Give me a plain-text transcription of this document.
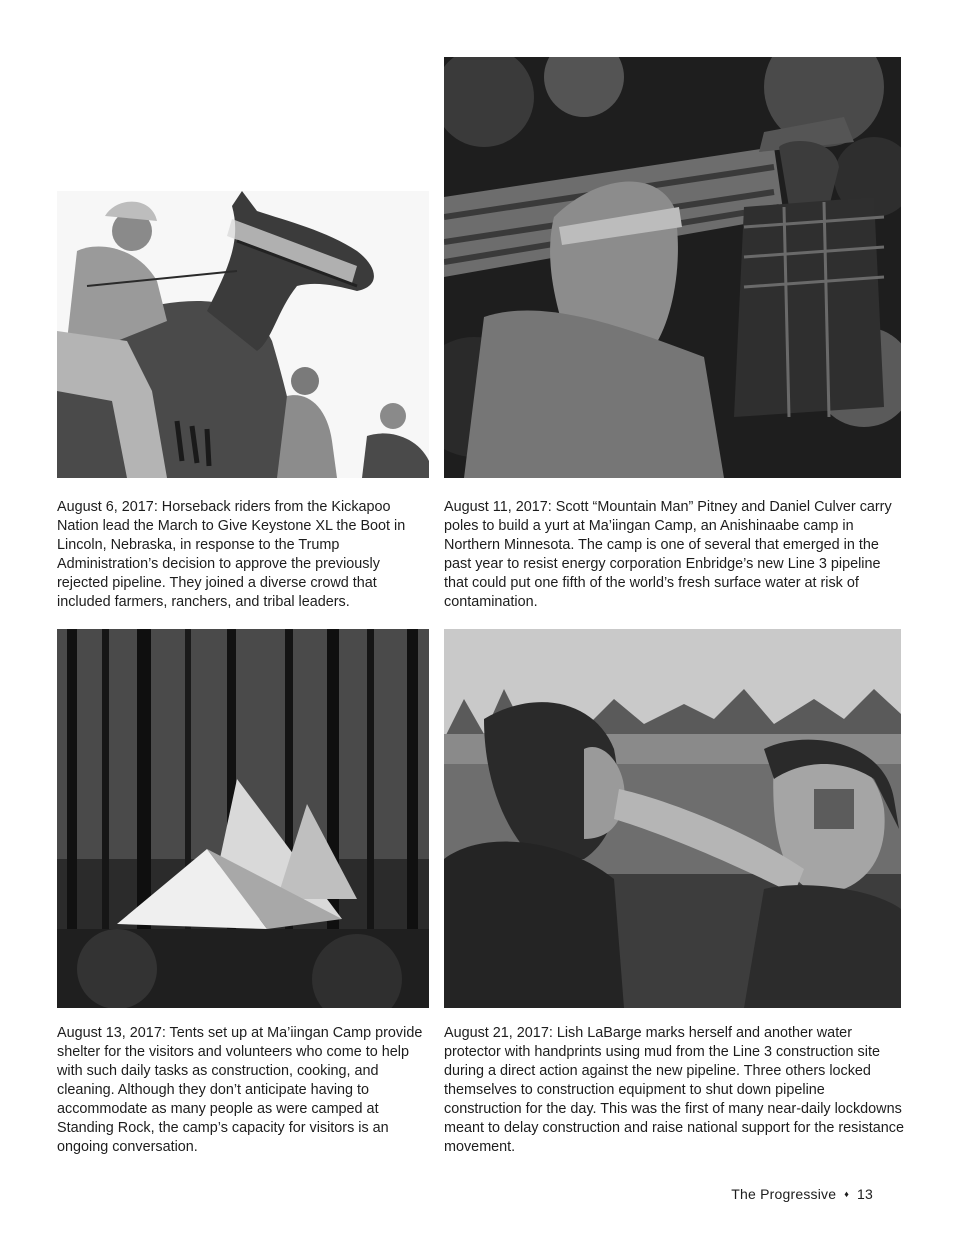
August 6, 2017: Horseback riders from the Kickapoo Nation lead the March to Give Keystone XL the Boot in Lincoln, Nebraska, in response to the Trump Administration’s decision to approve the previously rejected pipeline. They joined a diverse crowd that included farmers, ranchers, and tribal leaders.
August 11, 2017: Scott “Mountain Man” Pitney and Daniel Culver carry poles to build a yurt at Ma’iingan Camp, an Anishinaabe camp in Northern Minnesota. The camp is one of several that emerged in the past year to resist energy corporation Enbridge’s new Line 3 pipeline that could put one fifth of the world’s fresh surface water at risk of contamination.
August 13, 2017: Tents set up at Ma’iingan Camp provide shelter for the visitors and volunteers who come to help with such daily tasks as construction, cooking, and cleaning. Although they don’t anticipate having to accommodate as many people as were camped at Standing Rock, the camp’s capacity for visitors is an ongoing conversation.
August 21, 2017: Lish LaBarge marks herself and another water protector with handprints using mud from the Line 3 construction site during a direct action against the new pipeline. Three others locked themselves to construction equipment to shut down pipeline construction for the day. This was the first of many near-daily lockdowns meant to delay construction and raise national support for the resistance movement.
The Progressive ♦ 13
